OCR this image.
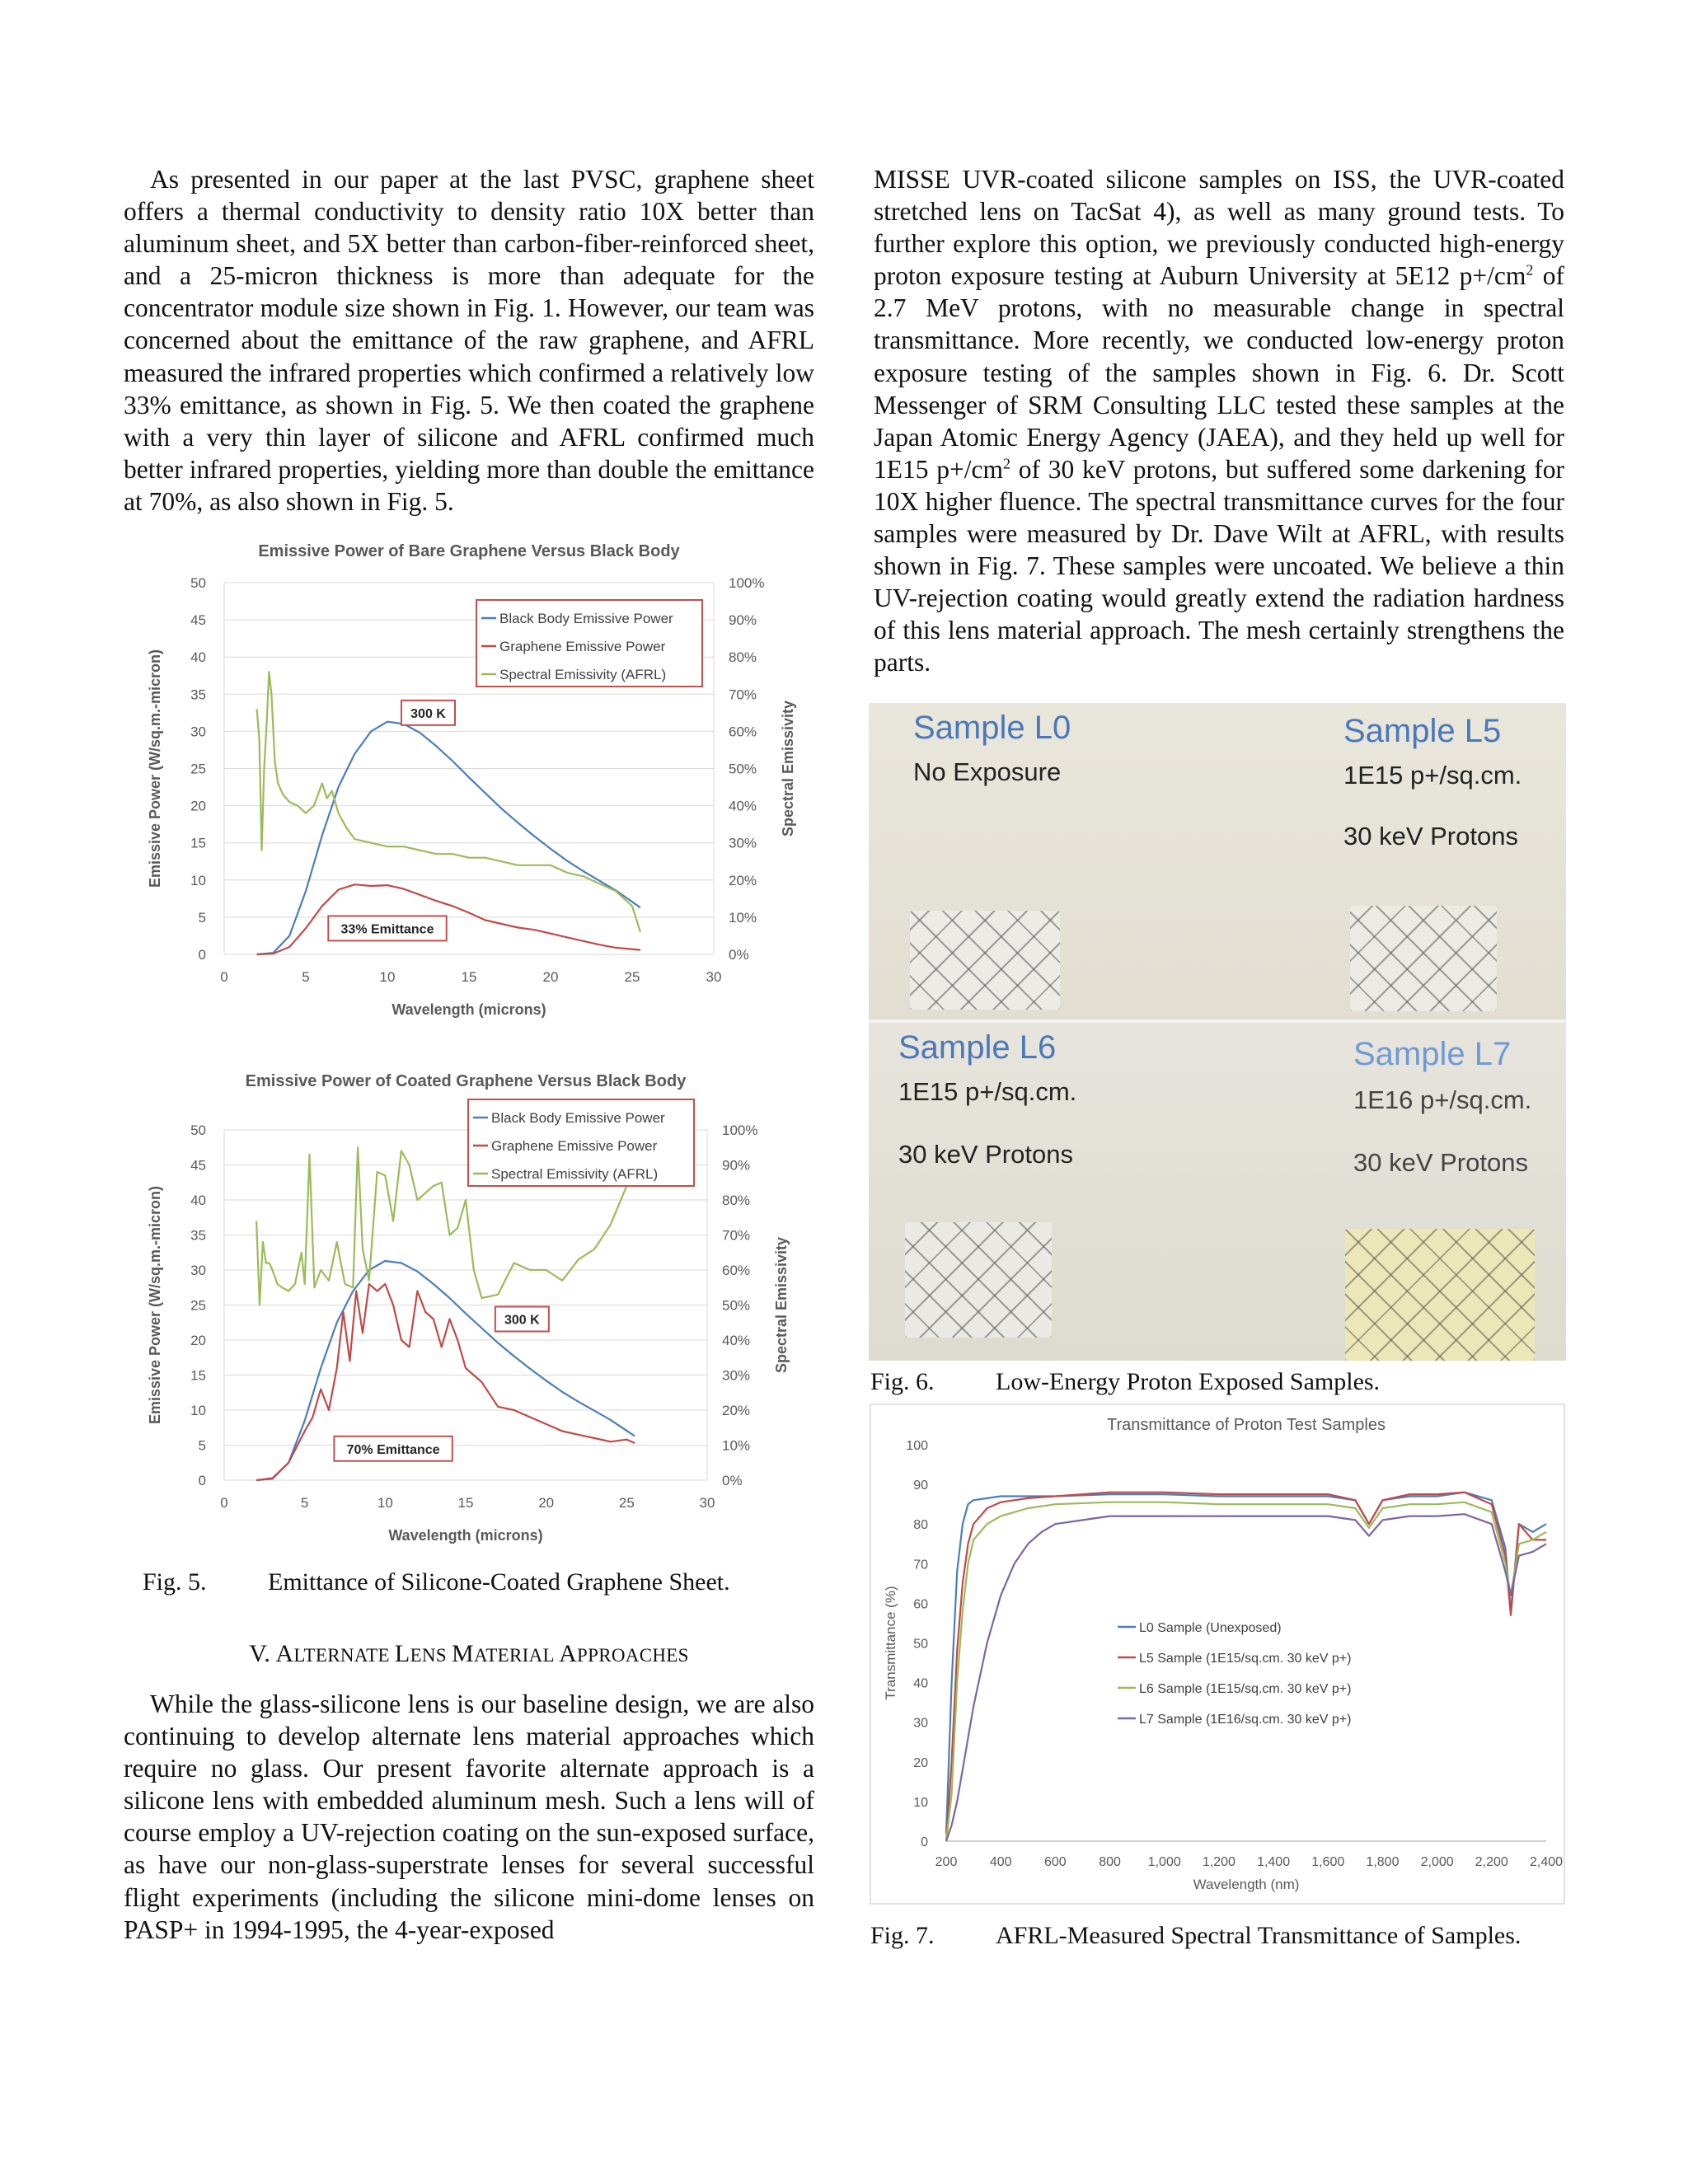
As presented in our paper at the last PVSC, graphene sheet offers a thermal conductivity to density ratio 10X better than aluminum sheet, and 5X better than carbon-fiber-reinforced sheet, and a 25-micron thickness is more than adequate for the concentrator module size shown in Fig. 1. However, our team was concerned about the emittance of the raw graphene, and AFRL measured the infrared properties which confirmed a relatively low 33% emittance, as shown in Fig. 5. We then coated the graphene with a very thin layer of silicone and AFRL confirmed much better infrared properties, yielding more than double the emittance at 70%, as also shown in Fig. 5.

Emissive Power of Bare Graphene Versus Black Body
0
5
10
15
20
25
30
35
40
45
50
0%
10%
20%
30%
40%
50%
60%
70%
80%
90%
100%
0	5	10	15	20	25	30
Wavelength (microns)
Emissive Power (W/sq.m.-micron)	Spectral Emissivity
Black Body Emissive Power
Graphene Emissive Power
Spectral Emissivity (AFRL)
300 K
33% Emittance
Emissive Power of Coated Graphene Versus Black Body
0
5
10
15
20
25
30
35
40
45
50
0%
10%
20%
30%
40%
50%
60%
70%
80%
90%
100%
0	5	10	15	20	25	30
Wavelength (microns)
Emissive Power (W/sq.m.-micron)	Spectral Emissivity
Black Body Emissive Power
Graphene Emissive Power
Spectral Emissivity (AFRL)
300 K
70% Emittance
Fig. 5. Emittance of Silicone-Coated Graphene Sheet.
V. ALTERNATE LENS MATERIAL APPROACHES

While the glass-silicone lens is our baseline design, we are also continuing to develop alternate lens material approaches which require no glass. Our present favorite alternate approach is a silicone lens with embedded aluminum mesh. Such a lens will of course employ a UV-rejection coating on the sun-exposed surface, as have our non-glass-superstrate lenses for several successful flight experiments (including the silicone mini-dome lenses on PASP+ in 1994-1995, the 4-year-exposed

MISSE UVR-coated silicone samples on ISS, the UVR-coated stretched lens on TacSat 4), as well as many ground tests. To further explore this option, we previously conducted high-energy proton exposure testing at Auburn University at 5E12 $p+/cm^2$ of 2.7 MeV protons, with no measurable change in spectral transmittance. More recently, we conducted low-energy proton exposure testing of the samples shown in Fig. 6. Dr. Scott Messenger of SRM Consulting LLC tested these samples at the Japan Atomic Energy Agency (JAEA), and they held up well for 1E15 $p+/cm^2$ of 30 keV protons, but suffered some darkening for 10X higher fluence. The spectral transmittance curves for the four samples were measured by Dr. Dave Wilt at AFRL, with results shown in Fig. 7. These samples were uncoated. We believe a thin UV-rejection coating would greatly extend the radiation hardness of this lens material approach. The mesh certainly strengthens the parts.

Sample L0
No Exposure
Sample L5
1E15 p+/sq.cm.
30 keV Protons
Sample L6
1E15 p+/sq.cm.
30 keV Protons
Sample L7
1E16 p+/sq.cm.
30 keV Protons
Fig. 6. Low-Energy Proton Exposed Samples.
Transmittance of Proton Test Samples
0
10
20
30
40
50
60
70
80
90
100
200 400 600 800 1,000 1,200 1,400 1,600 1,800 2,000 2,200 2,400
Wavelength (nm)
Transmittance (%)	L0 Sample (Unexposed)
L5 Sample (1E15/sq.cm. 30 keV p+)
L6 Sample (1E15/sq.cm. 30 keV p+)
L7 Sample (1E16/sq.cm. 30 keV p+)
Fig. 7. AFRL-Measured Spectral Transmittance of Samples.
